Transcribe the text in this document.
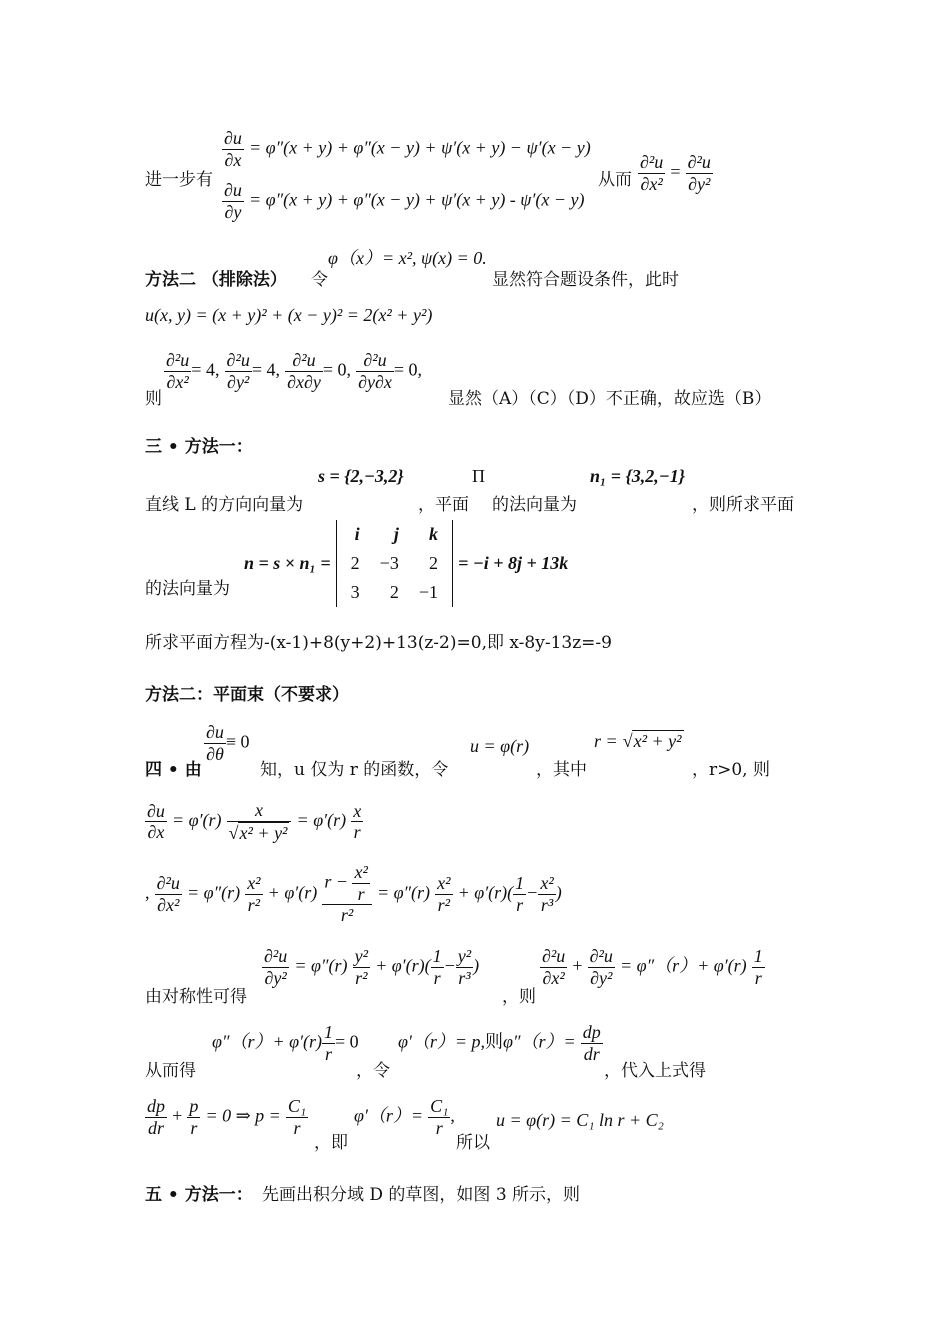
进一步有
$\frac{\partial u}{\partial x} = \varphi''(x + y) + \varphi''(x - y) + \psi'(x + y) - \psi'(x - y)$
$\frac{\partial u}{\partial y} = \varphi''(x + y) + \varphi''(x - y) + \psi'(x + y) - \psi'(x - y)$
从而 $\frac{\text{∂²u}}{\text{∂x²}} = \frac{\text{∂²u}}{\text{∂y²}}$
φ（x）= x², ψ(x) = 0.
方法二 （排除法） 令	显然符合题设条件，此时
u(x, y) = (x + y)² + (x − y)² = 2(x² + y²)
则
$\frac{\text{∂²u}}{\text{∂x²}} = 4$, $\frac{\text{∂²u}}{\text{∂y²}} = 4$, $\frac{\text{∂²u}}{\partial x\partial y} = 0$, $\frac{\text{∂²u}}{\partial y\partial x} = 0$,
显然（A）（C）（D）不正确，故应选（B）
三 • 方法一：
s = {2,−3,2}	Π	n₁ = {3,2,−1}
直线 L 的方向向量为	，平面 的法向量为	，则所求平面
的法向量为
n = s × n₁ =
i	j	k
2	−3	2
3	2	−1
= −i + 8j + 13k
所求平面方程为-(x-1)+8(y+2)+13(z-2)=0,即 x-8y-13z=-9
方法二：平面束（不要求）
四 • 由
$\frac{\partial u}{\partial\theta} \equiv 0$
知，u 仅为 r 的函数，令
u = φ(r)
，其中
r = √x² + y²
，r>0, 则
$\frac{\partial u}{\partial x} = \varphi'(r) \frac{x}{\text{√x² + y²}} = \varphi'(r) \frac{x}{r}$
, $\frac{\text{∂²u}}{\text{∂x²}} = \varphi''(r) \frac{\text{x²}}{\text{r²}} + \varphi'(r) \frac{r - \frac{\text{x²}}{r}}{\text{r²}} = \varphi''(r) \frac{\text{x²}}{\text{r²}} + \varphi'(r)( \frac{1}{r} - \frac{\text{x²}}{\text{r³}}$ )
由对称性可得
$\frac{\text{∂²u}}{\text{∂y²}} = \varphi''(r) \frac{\text{y²}}{\text{r²}} + \varphi'(r)( \frac{1}{r} - \frac{\text{y²}}{\text{r³}}$ )
，则
$\frac{\text{∂²u}}{\text{∂x²}} + \frac{\text{∂²u}}{\text{∂y²}} = \varphi''(r)+ \varphi'(r) \frac{1}{r}$
从而得
$\varphi''(r)+ \varphi'(r) \frac{1}{r} = 0$
，令
φ′（r）= p,则$\varphi''(r)= \frac{dp}{dr}$
，代入上式得
$\frac{dp}{dr} + \frac{p}{r} = 0$ ⇒ $p = \frac{\text{C₁}}{r}$
，即
$\varphi'(r)= \frac{\text{C₁}}{r}$ ,
所以
u = φ(r) = C₁ ln r + C₂
五 • 方法一： 先画出积分域 D 的草图，如图 3 所示，则
